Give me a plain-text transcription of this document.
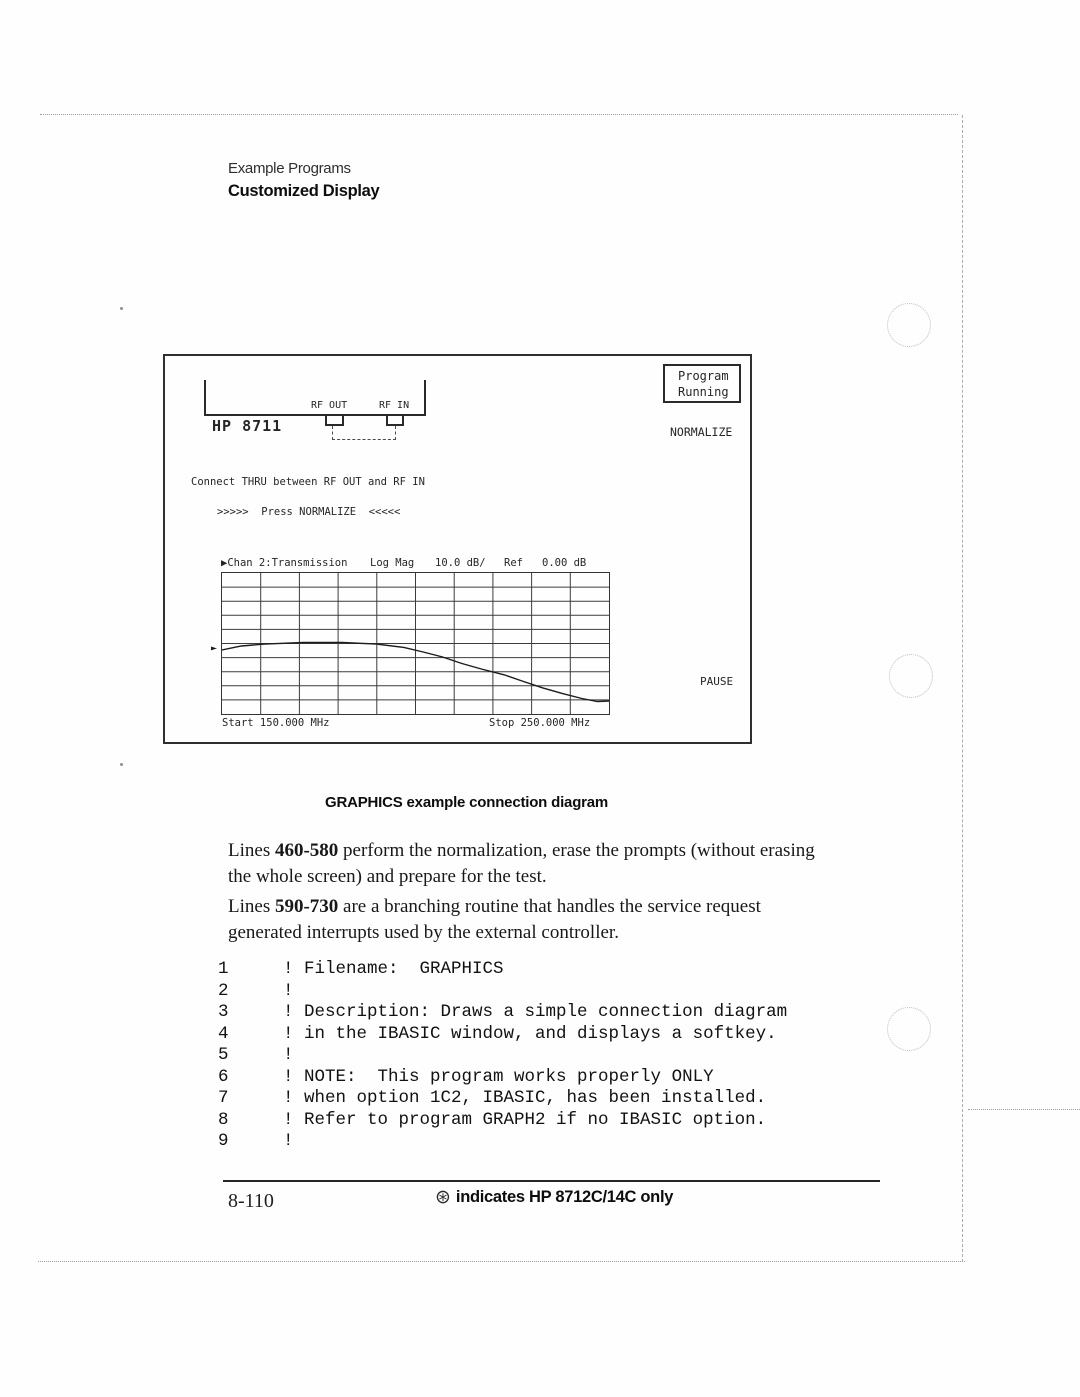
Example Programs
Customized Display
RF OUT	RF IN
HP 8711
Program
Running
NORMALIZE
PAUSE
Connect THRU between RF OUT and RF IN
>>>>>  Press NORMALIZE  <<<<<
▶Chan 2:Transmission Log Mag 10.0 dB/ Ref 0.00 dB
►
Start 150.000 MHz	Stop 250.000 MHz
GRAPHICS example connection diagram
Lines 460-580 perform the normalization, erase the prompts (without erasing
the whole screen) and prepare for the test.
Lines 590-730 are a branching routine that handles the service request
generated interrupts used by the external controller.
1	! Filename:  GRAPHICS
2	!
3	! Description: Draws a simple connection diagram
4	! in the IBASIC window, and displays a softkey.
5	!
6	! NOTE:  This program works properly ONLY
7	! when option 1C2, IBASIC, has been installed.
8	! Refer to program GRAPH2 if no IBASIC option.
9	!
8-110	⊛ indicates HP 8712C/14C only
